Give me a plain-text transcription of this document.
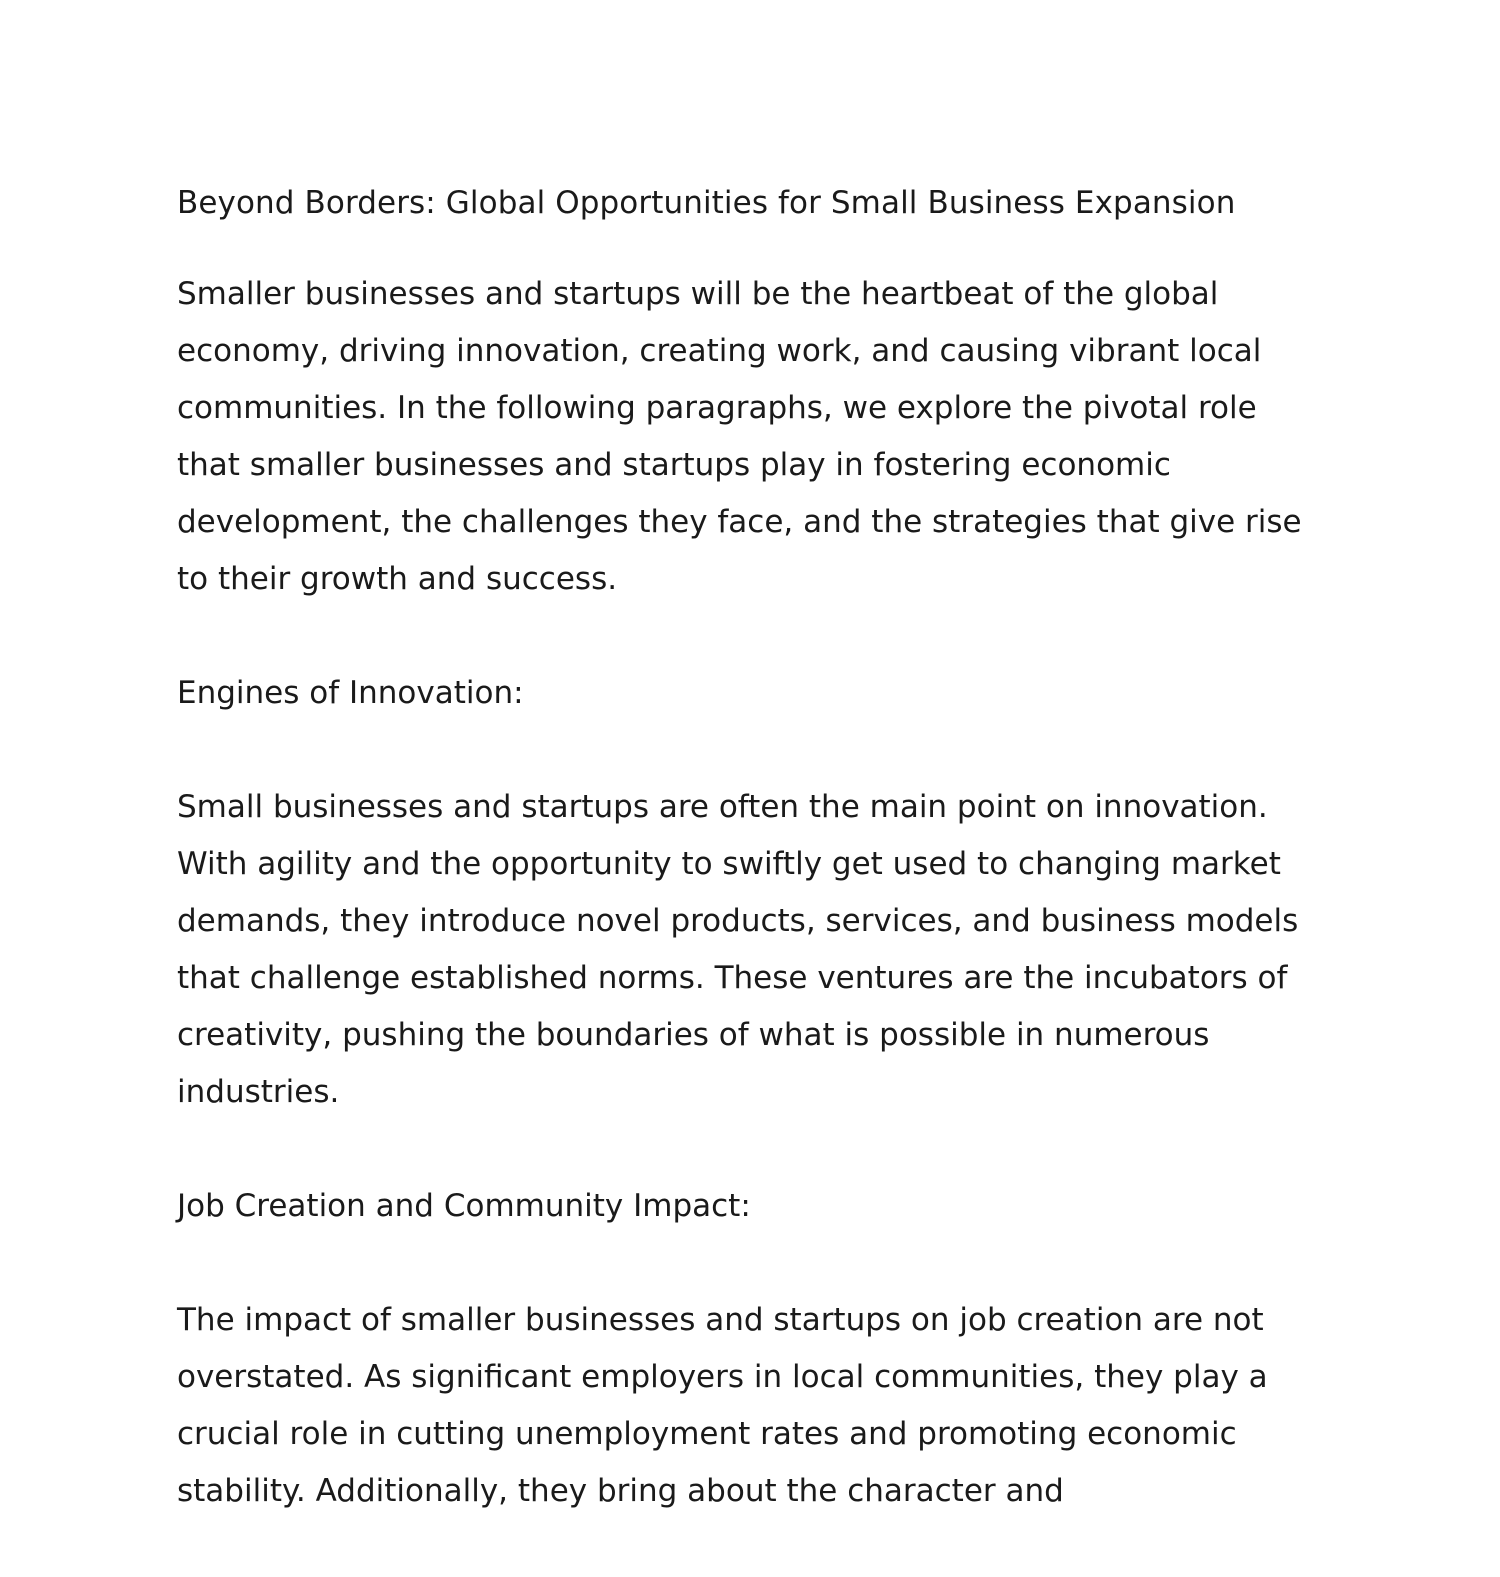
Beyond Borders: Global Opportunities for Small Business Expansion

Smaller businesses and startups will be the heartbeat of the global economy, driving innovation, creating work, and causing vibrant local communities. In the following paragraphs, we explore the pivotal role that smaller businesses and startups play in fostering economic development, the challenges they face, and the strategies that give rise to their growth and success.

Engines of Innovation:

Small businesses and startups are often the main point on innovation. With agility and the opportunity to swiftly get used to changing market demands, they introduce novel products, services, and business models that challenge established norms. These ventures are the incubators of creativity, pushing the boundaries of what is possible in numerous industries.

Job Creation and Community Impact:

The impact of smaller businesses and startups on job creation are not overstated. As significant employers in local communities, they play a crucial role in cutting unemployment rates and promoting economic stability. Additionally, they bring about the character and
